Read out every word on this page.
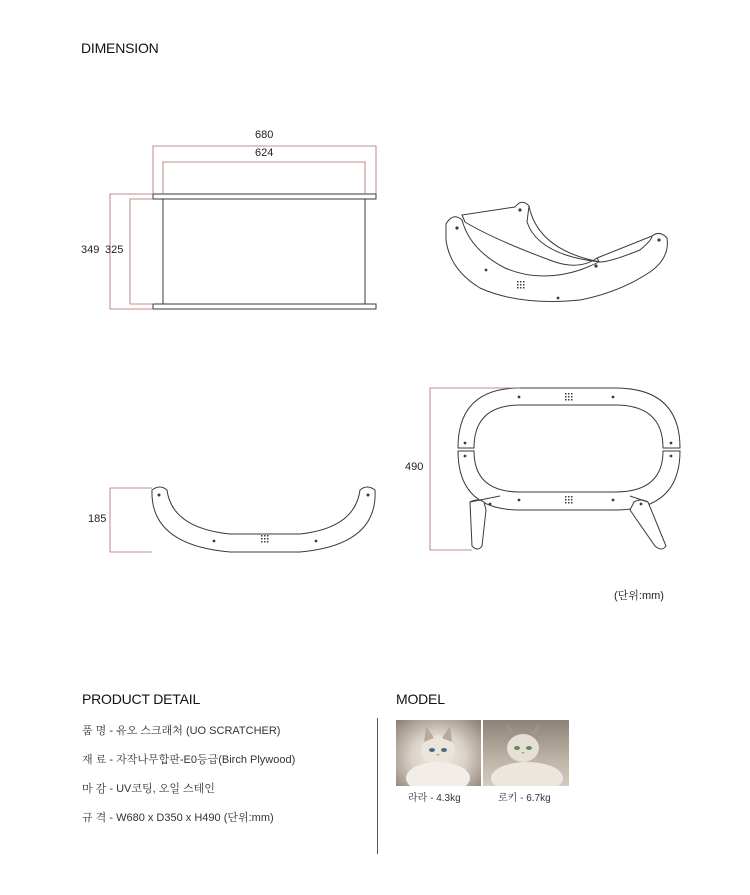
DIMENSION
680
624
349 325
185
490
(단위:mm)
PRODUCT DETAIL
품 명 - 유오 스크래처 (UO SCRATCHER)
재 료 - 자작나무합판-E0등급(Birch Plywood)
마 감 - UV코팅, 오일 스테인
규 격 - W680 x D350 x H490 (단위:mm)
MODEL
라라 - 4.3kg	로키 - 6.7kg
